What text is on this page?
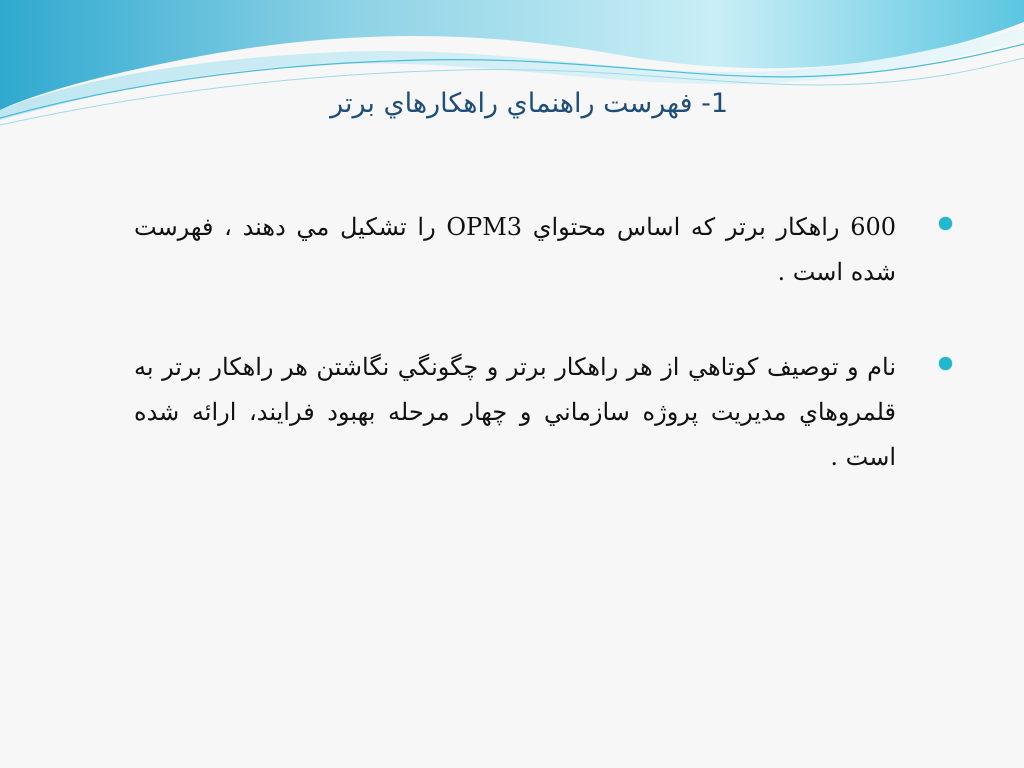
1- فهرست راهنماي راهكارهاي برتر
600 راهكار برتر كه اساس محتواي OPM3 را تشكيل مي دهند ، فهرست شده است .
نام و توصيف كوتاهي از هر راهكار برتر و چگونگي نگاشتن هر راهكار برتر به قلمروهاي مديريت پروژه سازماني و چهار مرحله بهبود فرايند، ارائه شده است .
